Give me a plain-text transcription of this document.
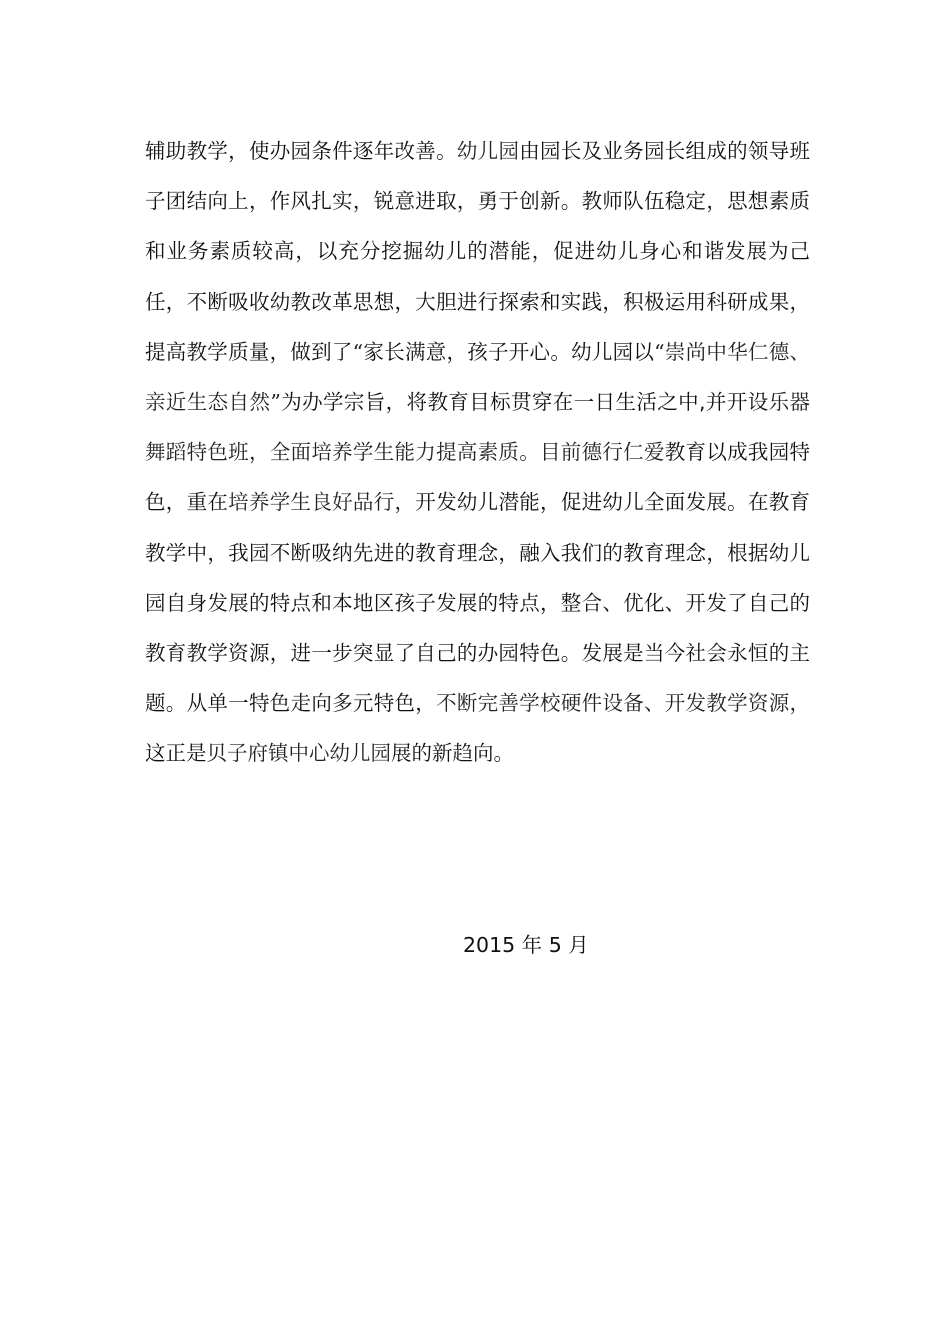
辅助教学，使办园条件逐年改善。幼儿园由园长及业务园长组成的领导班子团结向上，作风扎实，锐意进取，勇于创新。教师队伍稳定，思想素质和业务素质较高，以充分挖掘幼儿的潜能，促进幼儿身心和谐发展为己任，不断吸收幼教改革思想，大胆进行探索和实践，积极运用科研成果，提高教学质量，做到了“家长满意，孩子开心。幼儿园以“崇尚中华仁德、亲近生态自然”为办学宗旨，将教育目标贯穿在一日生活之中,并开设乐器舞蹈特色班，全面培养学生能力提高素质。目前德行仁爱教育以成我园特色，重在培养学生良好品行，开发幼儿潜能，促进幼儿全面发展。在教育教学中，我园不断吸纳先进的教育理念，融入我们的教育理念，根据幼儿园自身发展的特点和本地区孩子发展的特点，整合、优化、开发了自己的教育教学资源，进一步突显了自己的办园特色。发展是当今社会永恒的主题。从单一特色走向多元特色，不断完善学校硬件设备、开发教学资源，这正是贝子府镇中心幼儿园展的新趋向。

2015 年 5 月
